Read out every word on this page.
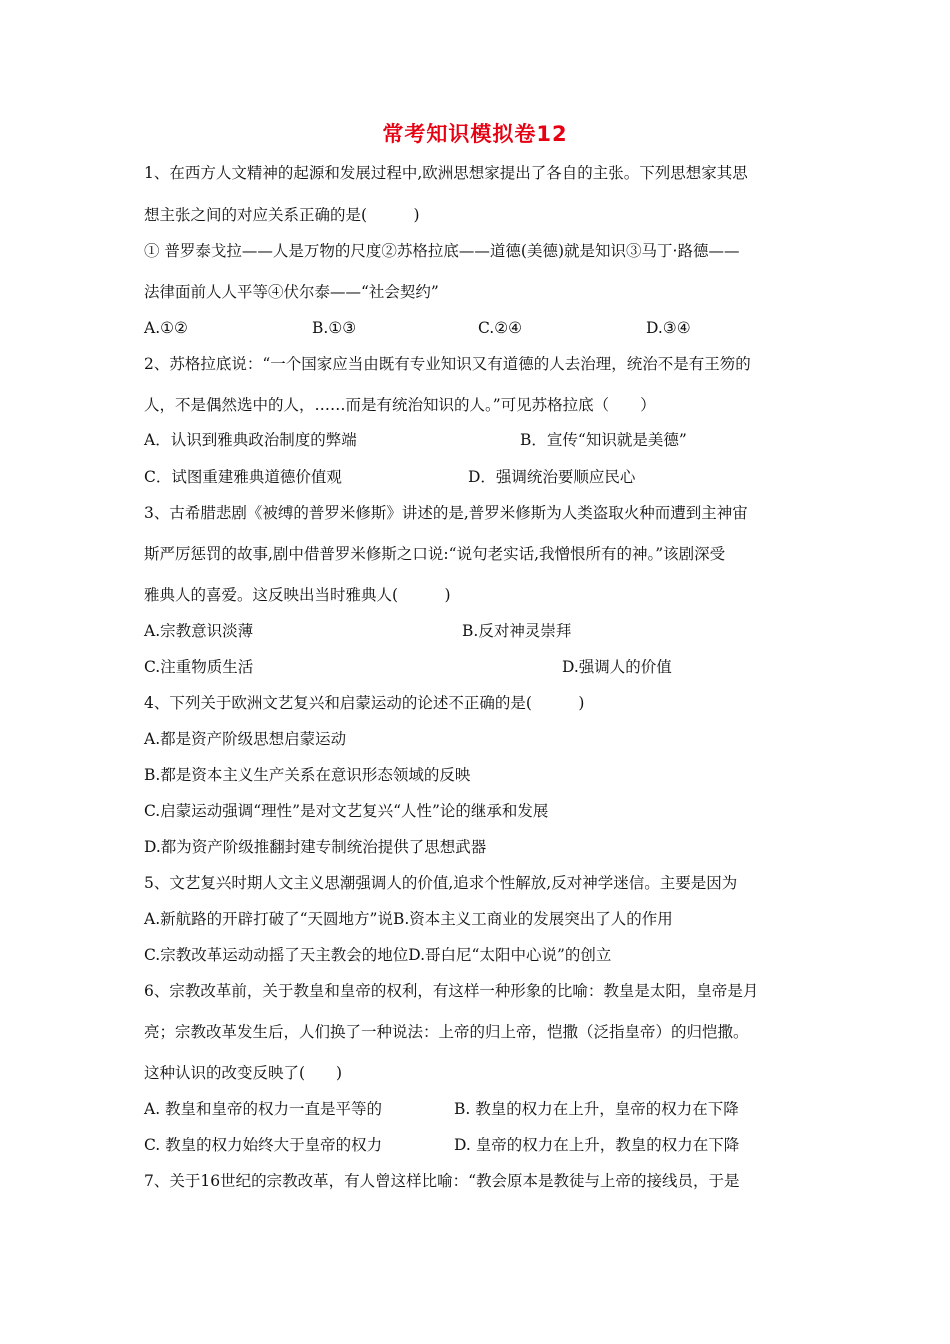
常考知识模拟卷12
1、在西方人文精神的起源和发展过程中,欧洲思想家提出了各自的主张。下列思想家其思
想主张之间的对应关系正确的是(　　　)
① 普罗泰戈拉——人是万物的尺度②苏格拉底——道德(美德)就是知识③马丁·路德——
法律面前人人平等④伏尔泰——“社会契约”
A.①②	B.①③	C.②④	D.③④
2、苏格拉底说：“一个国家应当由既有专业知识又有道德的人去治理，统治不是有王笏的
人，不是偶然选中的人，……而是有统治知识的人。”可见苏格拉底（　　）
A．认识到雅典政治制度的弊端	B．宣传“知识就是美德”
C．试图重建雅典道德价值观	D．强调统治要顺应民心
3、古希腊悲剧《被缚的普罗米修斯》讲述的是,普罗米修斯为人类盗取火种而遭到主神宙
斯严厉惩罚的故事,剧中借普罗米修斯之口说:“说句老实话,我憎恨所有的神。”该剧深受
雅典人的喜爱。这反映出当时雅典人(　　　)
A.宗教意识淡薄	B.反对神灵崇拜
C.注重物质生活	D.强调人的价值
4、下列关于欧洲文艺复兴和启蒙运动的论述不正确的是(　　　)
A.都是资产阶级思想启蒙运动
B.都是资本主义生产关系在意识形态领域的反映
C.启蒙运动强调“理性”是对文艺复兴“人性”论的继承和发展
D.都为资产阶级推翻封建专制统治提供了思想武器
5、文艺复兴时期人文主义思潮强调人的价值,追求个性解放,反对神学迷信。主要是因为
A.新航路的开辟打破了“天圆地方”说B.资本主义工商业的发展突出了人的作用
C.宗教改革运动动摇了天主教会的地位D.哥白尼“太阳中心说”的创立
6、宗教改革前，关于教皇和皇帝的权利，有这样一种形象的比喻：教皇是太阳，皇帝是月
亮；宗教改革发生后，人们换了一种说法：上帝的归上帝，恺撒（泛指皇帝）的归恺撒。
这种认识的改变反映了(　　)
A. 教皇和皇帝的权力一直是平等的	B. 教皇的权力在上升，皇帝的权力在下降
C. 教皇的权力始终大于皇帝的权力	D. 皇帝的权力在上升，教皇的权力在下降
7、关于16世纪的宗教改革，有人曾这样比喻：“教会原本是教徒与上帝的接线员，于是
